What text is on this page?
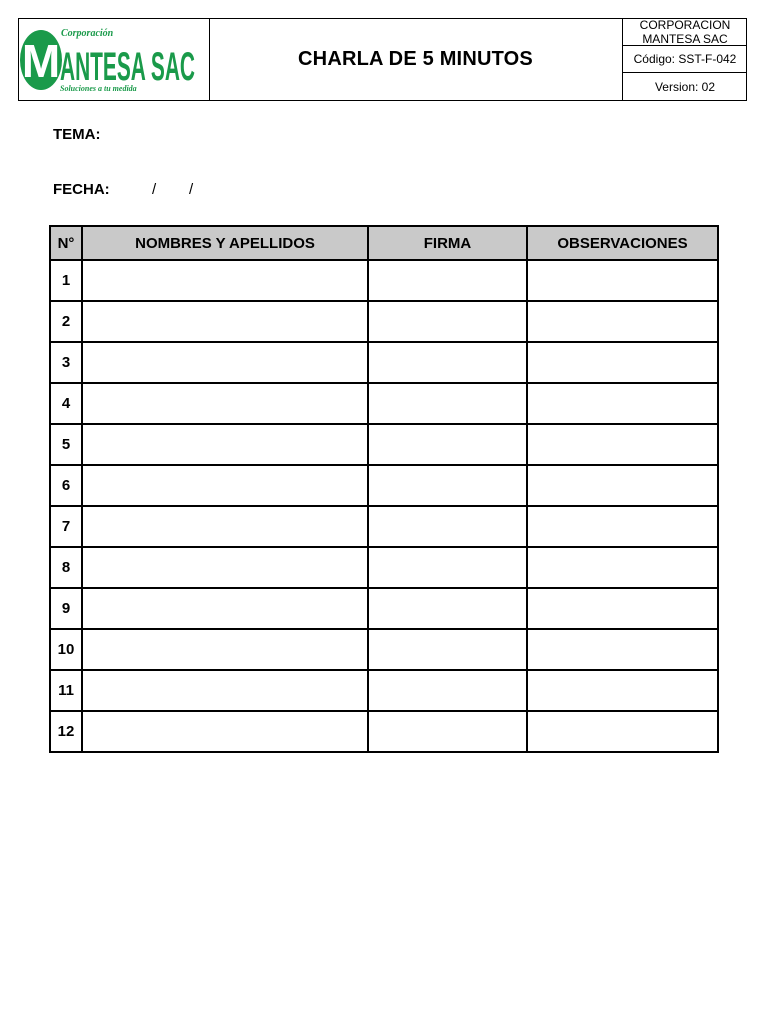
M
Corporación
ANTESA SAC
Soluciones a tu medida
CHARLA DE 5 MINUTOS
CORPORACION
MANTESA SAC
Código: SST-F-042
Version: 02
TEMA:
FECHA:	/ /
N°	NOMBRES Y APELLIDOS	FIRMA	OBSERVACIONES
1			
2			
3			
4			
5			
6			
7			
8			
9			
10			
11			
12			
